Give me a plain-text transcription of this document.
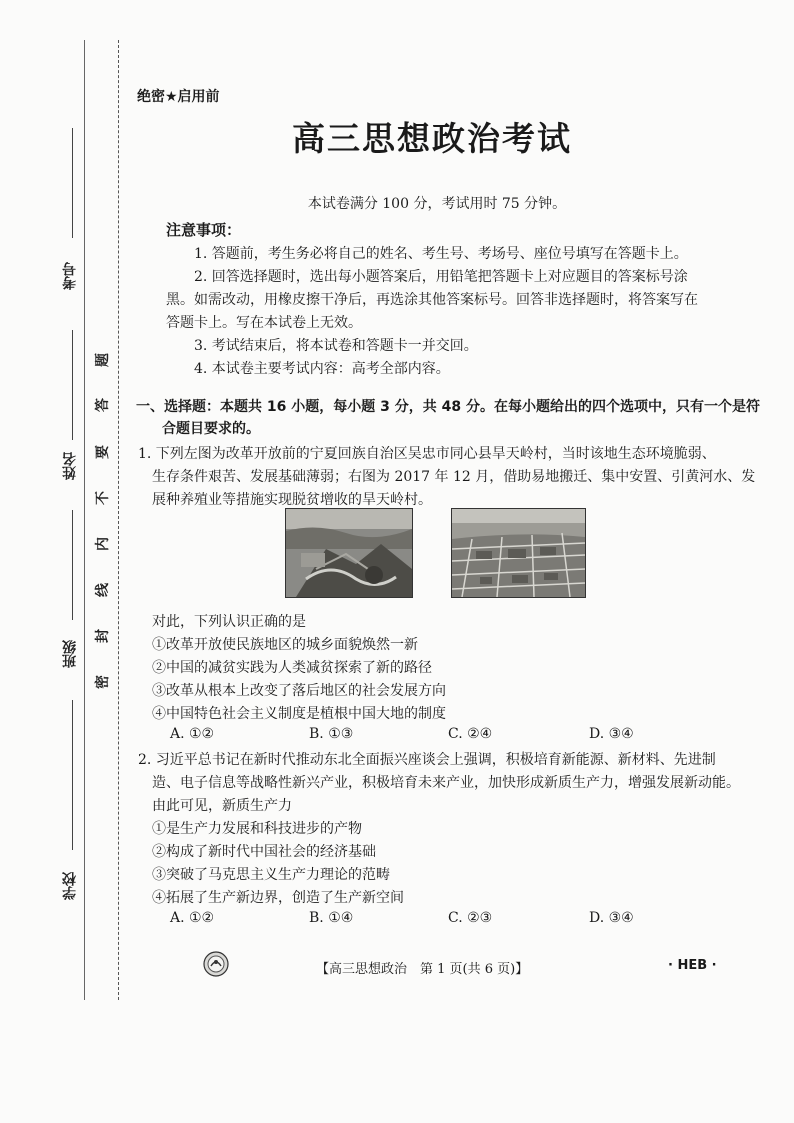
考号
姓名
班级
学校
题
答
要
不
内
线
封
密
绝密★启用前
高三思想政治考试
本试卷满分 100 分，考试用时 75 分钟。
注意事项：
1. 答题前，考生务必将自己的姓名、考生号、考场号、座位号填写在答题卡上。
2. 回答选择题时，选出每小题答案后，用铅笔把答题卡上对应题目的答案标号涂
黑。如需改动，用橡皮擦干净后，再选涂其他答案标号。回答非选择题时，将答案写在
答题卡上。写在本试卷上无效。
3. 考试结束后，将本试卷和答题卡一并交回。
4. 本试卷主要考试内容：高考全部内容。
一、选择题：本题共 16 小题，每小题 3 分，共 48 分。在每小题给出的四个选项中，只有一个是符
合题目要求的。
1. 下列左图为改革开放前的宁夏回族自治区吴忠市同心县旱天岭村，当时该地生态环境脆弱、
生存条件艰苦、发展基础薄弱；右图为 2017 年 12 月，借助易地搬迁、集中安置、引黄河水、发
展种养殖业等措施实现脱贫增收的旱天岭村。
对此，下列认识正确的是
①改革开放使民族地区的城乡面貌焕然一新
②中国的减贫实践为人类减贫探索了新的路径
③改革从根本上改变了落后地区的社会发展方向
④中国特色社会主义制度是植根中国大地的制度
A. ①②	B. ①③	C. ②④	D. ③④
2. 习近平总书记在新时代推动东北全面振兴座谈会上强调，积极培育新能源、新材料、先进制
造、电子信息等战略性新兴产业，积极培育未来产业，加快形成新质生产力，增强发展新动能。
由此可见，新质生产力
①是生产力发展和科技进步的产物
②构成了新时代中国社会的经济基础
③突破了马克思主义生产力理论的范畴
④拓展了生产新边界，创造了生产新空间
A. ①②	B. ①④	C. ②③	D. ③④
【高三思想政治　第 1 页(共 6 页)】	· HEB ·
